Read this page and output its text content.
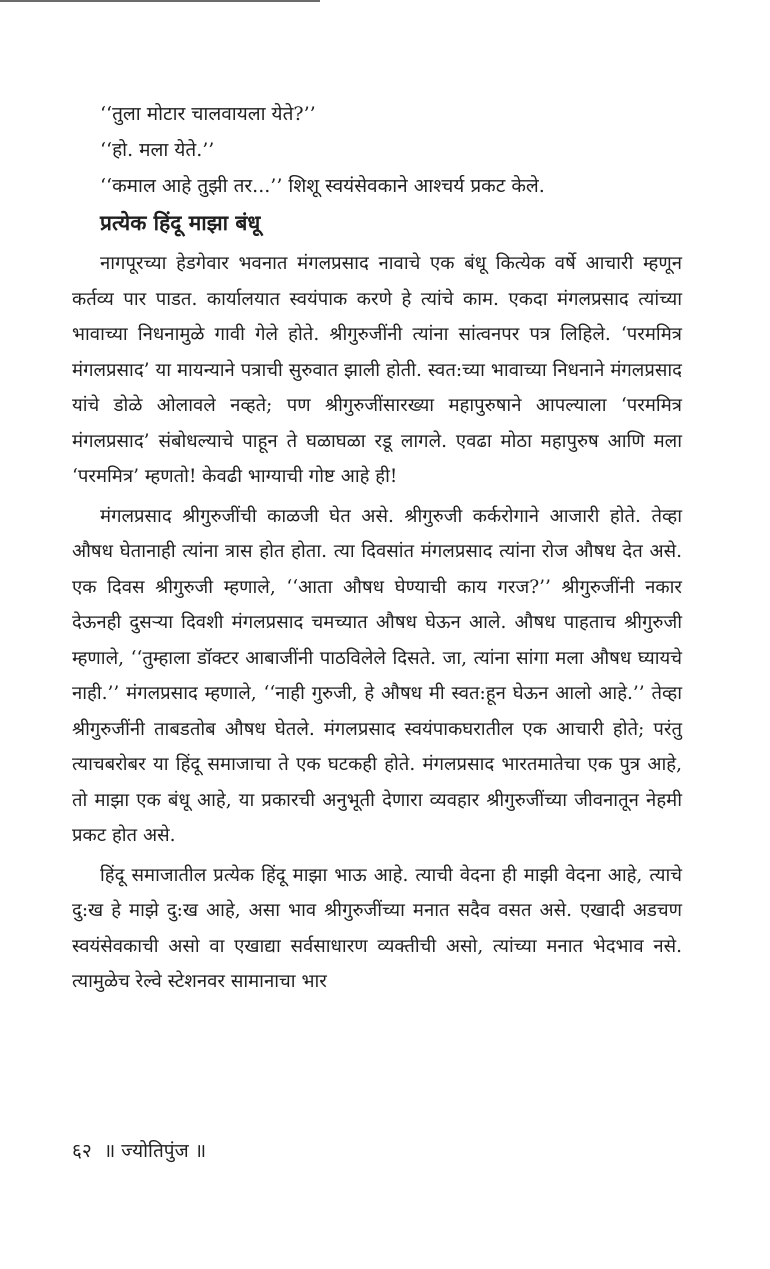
‘‘तुला मोटार चालवायला येते?’’

‘‘हो. मला येते.’’

‘‘कमाल आहे तुझी तर...’’ शिशू स्वयंसेवकाने आश्चर्य प्रकट केले.

प्रत्येक हिंदू माझा बंधू

नागपूरच्या हेडगेवार भवनात मंगलप्रसाद नावाचे एक बंधू कित्येक वर्षे आचारी म्हणून कर्तव्य पार पाडत. कार्यालयात स्वयंपाक करणे हे त्यांचे काम. एकदा मंगलप्रसाद त्यांच्या भावाच्या निधनामुळे गावी गेले होते. श्रीगुरुजींनी त्यांना सांत्वनपर पत्र लिहिले. ‘परममित्र मंगलप्रसाद’ या मायन्याने पत्राची सुरुवात झाली होती. स्वत:च्या भावाच्या निधनाने मंगलप्रसाद यांचे डोळे ओलावले नव्हते; पण श्रीगुरुजींसारख्या महापुरुषाने आपल्याला ‘परममित्र मंगलप्रसाद’ संबोधल्याचे पाहून ते घळाघळा रडू लागले. एवढा मोठा महापुरुष आणि मला ‘परममित्र’ म्हणतो! केवढी भाग्याची गोष्ट आहे ही!

मंगलप्रसाद श्रीगुरुजींची काळजी घेत असे. श्रीगुरुजी कर्करोगाने आजारी होते. तेव्हा औषध घेतानाही त्यांना त्रास होत होता. त्या दिवसांत मंगलप्रसाद त्यांना रोज औषध देत असे. एक दिवस श्रीगुरुजी म्हणाले, ‘‘आता औषध घेण्याची काय गरज?’’ श्रीगुरुजींनी नकार देऊनही दुसऱ्या दिवशी मंगलप्रसाद चमच्यात औषध घेऊन आले. औषध पाहताच श्रीगुरुजी म्हणाले, ‘‘तुम्हाला डॉक्टर आबाजींनी पाठविलेले दिसते. जा, त्यांना सांगा मला औषध घ्यायचे नाही.’’ मंगलप्रसाद म्हणाले, ‘‘नाही गुरुजी, हे औषध मी स्वत:हून घेऊन आलो आहे.’’ तेव्हा श्रीगुरुजींनी ताबडतोब औषध घेतले. मंगलप्रसाद स्वयंपाकघरातील एक आचारी होते; परंतु त्याचबरोबर या हिंदू समाजाचा ते एक घटकही होते. मंगलप्रसाद भारतमातेचा एक पुत्र आहे, तो माझा एक बंधू आहे, या प्रकारची अनुभूती देणारा व्यवहार श्रीगुरुजींच्या जीवनातून नेहमी प्रकट होत असे.

हिंदू समाजातील प्रत्येक हिंदू माझा भाऊ आहे. त्याची वेदना ही माझी वेदना आहे, त्याचे दु:ख हे माझे दु:ख आहे, असा भाव श्रीगुरुजींच्या मनात सदैव वसत असे. एखादी अडचण स्वयंसेवकाची असो वा एखाद्या सर्वसाधारण व्यक्तीची असो, त्यांच्या मनात भेदभाव नसे. त्यामुळेच रेल्वे स्टेशनवर सामानाचा भार

६२ ॥ ज्योतिपुंज ॥
